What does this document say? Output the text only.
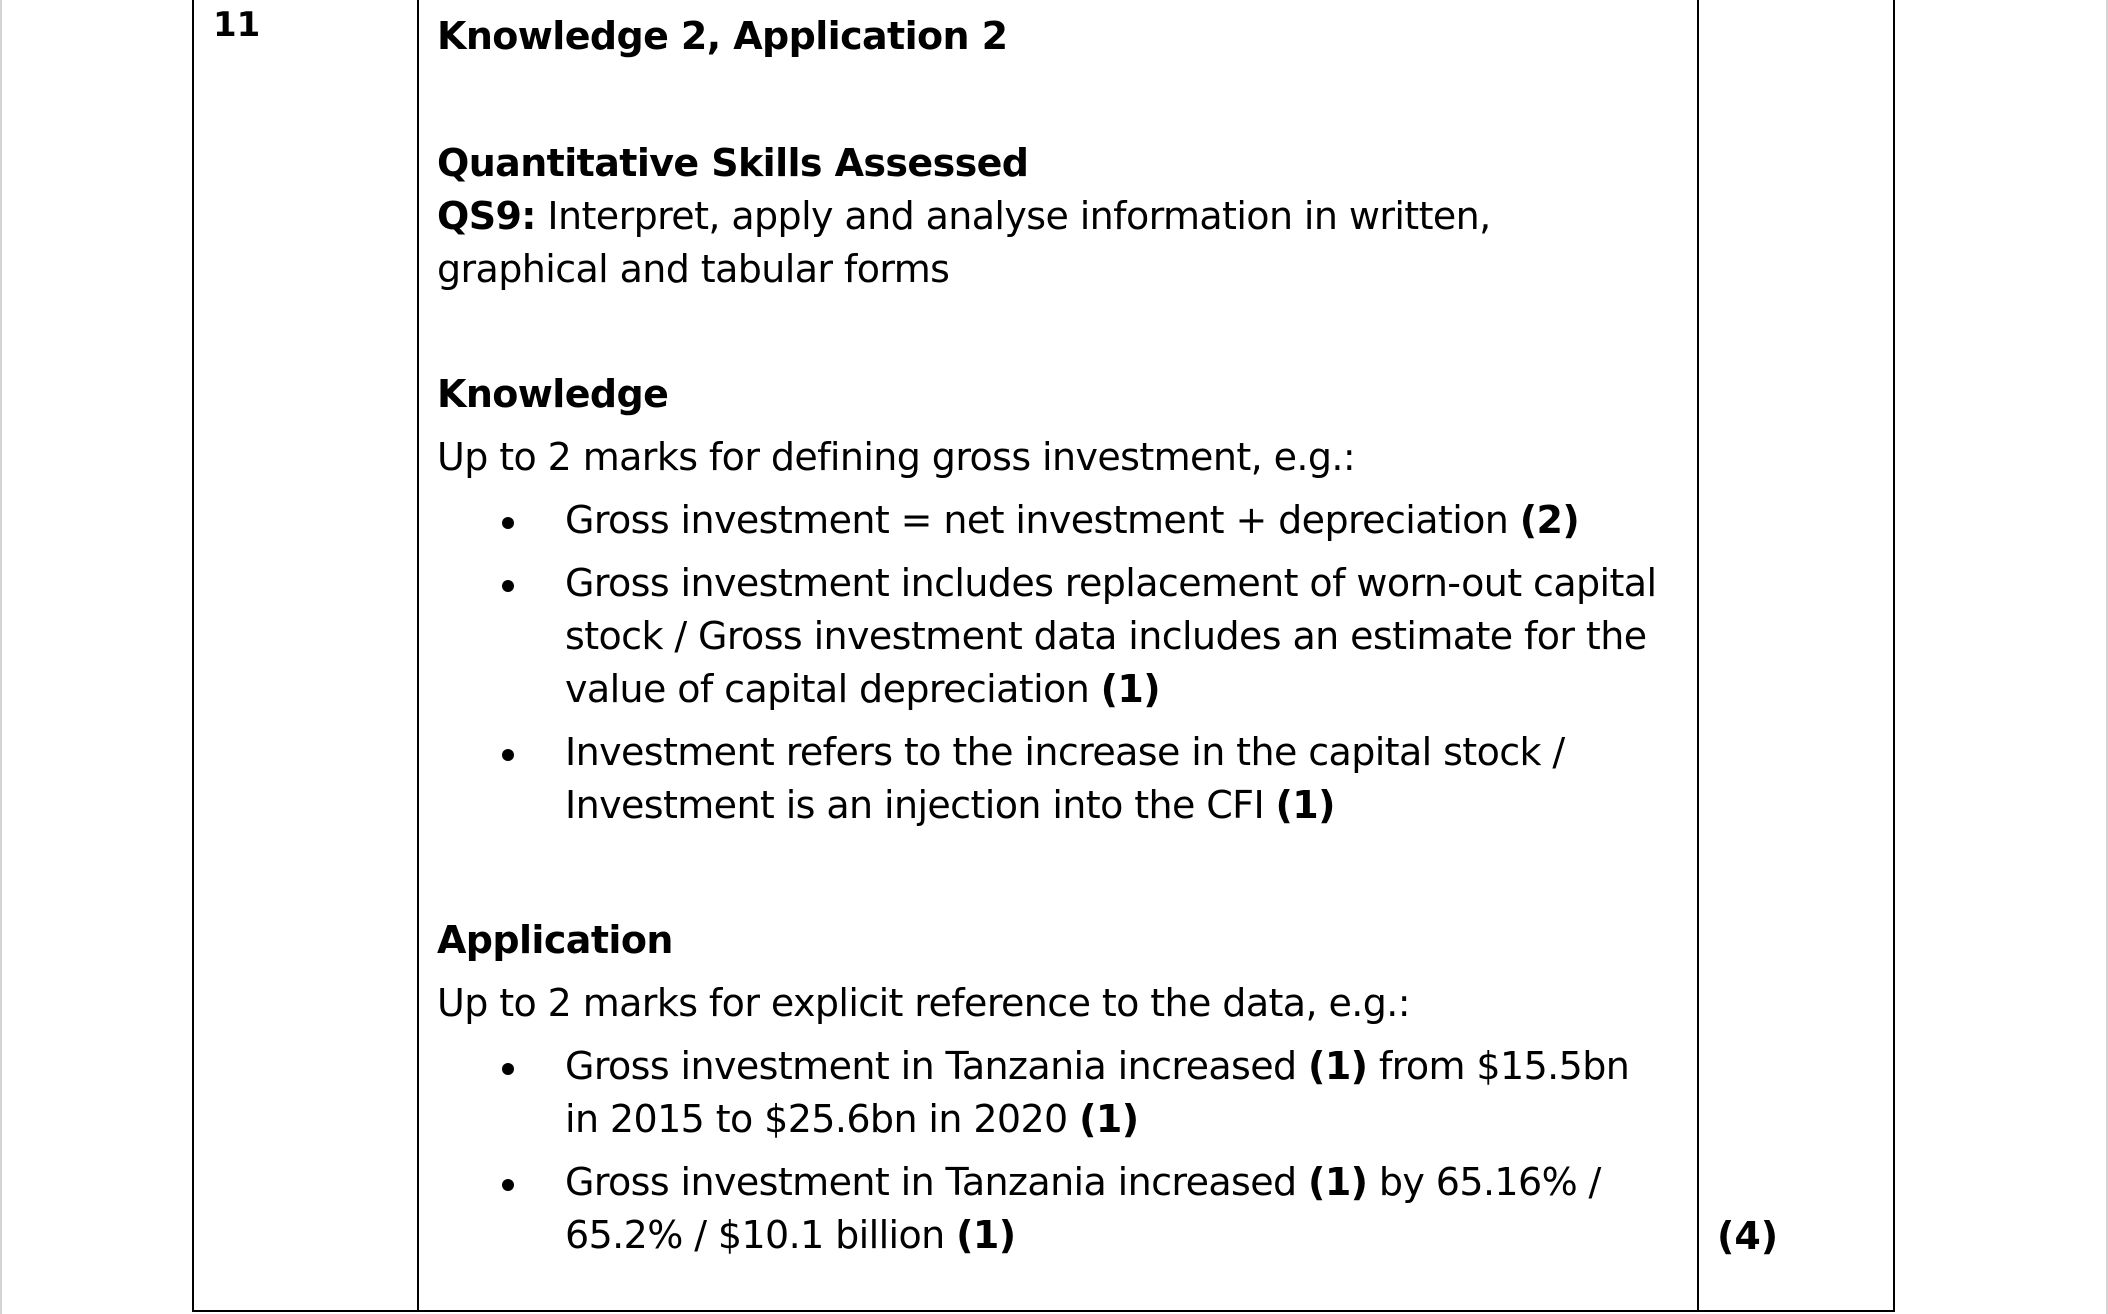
11	Knowledge 2, Application 2

Quantitative Skills Assessed

QS9: Interpret, apply and analyse information in written, graphical and tabular forms

Knowledge

Up to 2 marks for defining gross investment, e.g.:

Gross investment = net investment + depreciation (2)
Gross investment includes replacement of worn-out capital stock / Gross investment data includes an estimate for the value of capital depreciation (1)
Investment refers to the increase in the capital stock / Investment is an injection into the CFI (1)

Application

Up to 2 marks for explicit reference to the data, e.g.:

Gross investment in Tanzania increased (1) from $15.5bn in 2015 to $25.6bn in 2020 (1)
Gross investment in Tanzania increased (1) by 65.16% / 65.2% / $10.1 billion (1)	(4)
